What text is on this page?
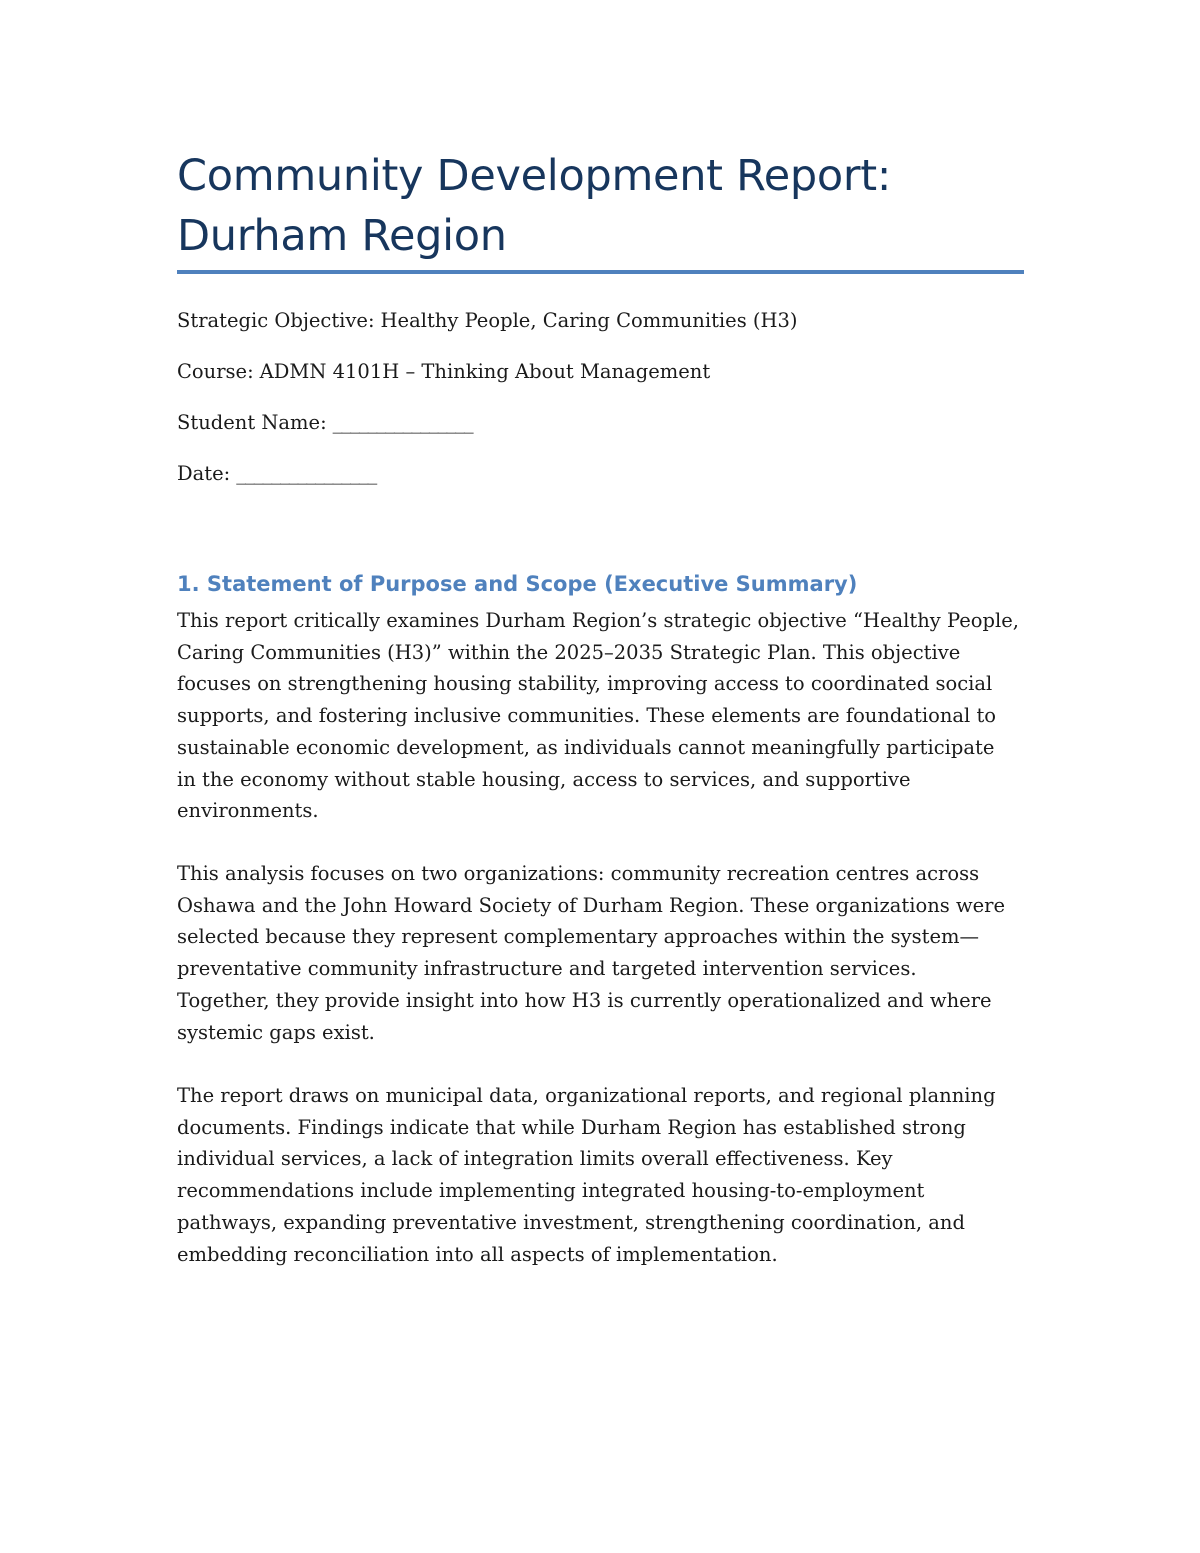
Community Development Report:
Durham Region
Strategic Objective: Healthy People, Caring Communities (H3)
Course: ADMN 4101H – Thinking About Management
Student Name: ________________
Date: ________________
1. Statement of Purpose and Scope (Executive Summary)

This report critically examines Durham Region’s strategic objective “Healthy People,
Caring Communities (H3)” within the 2025–2035 Strategic Plan. This objective
focuses on strengthening housing stability, improving access to coordinated social
supports, and fostering inclusive communities. These elements are foundational to
sustainable economic development, as individuals cannot meaningfully participate
in the economy without stable housing, access to services, and supportive
environments.

This analysis focuses on two organizations: community recreation centres across
Oshawa and the John Howard Society of Durham Region. These organizations were
selected because they represent complementary approaches within the system—
preventative community infrastructure and targeted intervention services.
Together, they provide insight into how H3 is currently operationalized and where
systemic gaps exist.

The report draws on municipal data, organizational reports, and regional planning
documents. Findings indicate that while Durham Region has established strong
individual services, a lack of integration limits overall effectiveness. Key
recommendations include implementing integrated housing-to-employment
pathways, expanding preventative investment, strengthening coordination, and
embedding reconciliation into all aspects of implementation.
